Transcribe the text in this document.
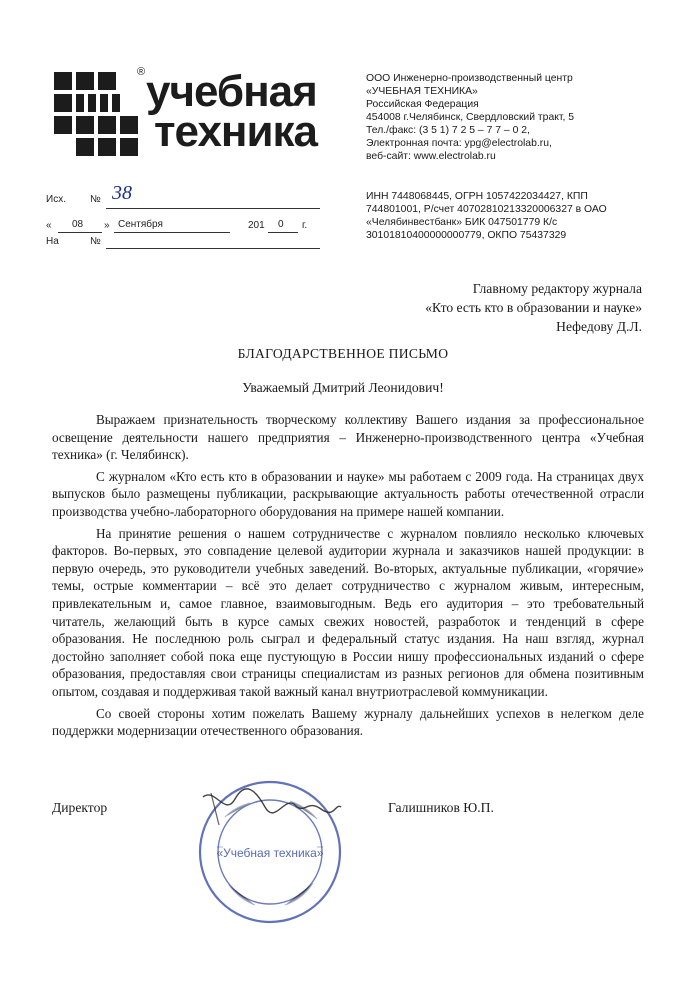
® учебная
техника
ООО Инженерно-производственный центр
«УЧЕБНАЯ ТЕХНИКА»
Российская Федерация
454008 г.Челябинск, Свердловский тракт, 5
Тел./факс: (3 5 1) 7 2 5 – 7 7 – 0 2,
Электронная почта: ypg@electrolab.ru,
веб-сайт: www.electrolab.ru
Исх. № 38
« 08 » Сентября	201 0 г.
На	№
ИНН 7448068445, ОГРН 1057422034427, КПП
744801001, Р/счет 40702810213320006327 в ОАО
«Челябинвестбанк» БИК 047501779 К/с
30101810400000000779, ОКПО 75437329
Главному редактору журнала
«Кто есть кто в образовании и науке»
Нефедову Д.Л.
БЛАГОДАРСТВЕННОЕ ПИСЬМО
Уважаемый Дмитрий Леонидович!

Выражаем признательность творческому коллективу Вашего издания за профессиональное освещение деятельности нашего предприятия – Инженерно-производственного центра «Учебная техника» (г. Челябинск).

С журналом «Кто есть кто в образовании и науке» мы работаем с 2009 года. На страницах двух выпусков было размещены публикации, раскрывающие актуальность работы отечественной отрасли производства учебно-лабораторного оборудования на примере нашей компании.

На принятие решения о нашем сотрудничестве с журналом повлияло несколько ключевых факторов. Во-первых, это совпадение целевой аудитории журнала и заказчиков нашей продукции: в первую очередь, это руководители учебных заведений. Во-вторых, актуальные публикации, «горячие» темы, острые комментарии – всё это делает сотрудничество с журналом живым, интересным, привлекательным и, самое главное, взаимовыгодным. Ведь его аудитория – это требовательный читатель, желающий быть в курсе самых свежих новостей, разработок и тенденций в сфере образования. Не последнюю роль сыграл и федеральный статус издания. На наш взгляд, журнал достойно заполняет собой пока еще пустующую в России нишу профессиональных изданий о сфере образования, предоставляя свои страницы специалистам из разных регионов для обмена позитивным опытом, создавая и поддерживая такой важный канал внутриотраслевой коммуникации.

Со своей стороны хотим пожелать Вашему журналу дальнейших успехов в нелегком деле поддержки модернизации отечественного образования.

Директор	Галишников Ю.П.
«Учебная техника»
